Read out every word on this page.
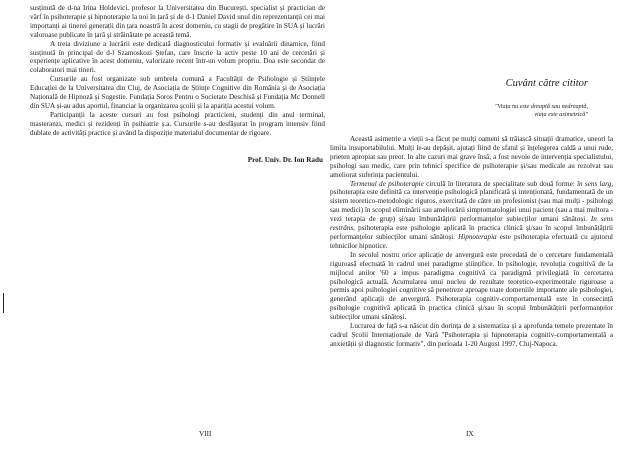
susținută de d-na Irina Holdevici, profesor la Universitatea din București, specialist și practician de vârf în psihoterapie și hipnoterapie la noi în țară și de d-1 Daniel David unul din reprezentanții cei mai importanți ai tinerei generații din țara noastră în acest domeniu, cu stagii de pregătire în SUA și lucrări valoroase publicate în țară și străinătate pe această temă.

A treia diviziune a lucrării este dedicată diagnosticului formativ și evaluării dinamice, fiind susținută în principal de d-l Szamoskozi Ștefan, care înscrie la activ peste 10 ani de cercetări și experiențe aplicative în acest domeniu, valorizate recent într-un volum propriu. Doa este secondat de colaboratori mai tineri.

Cursurile au fost organizate sub umbrela comună a Facultății de Psihologie și Științele Educației de la Universitatea din Cluj, de Asociația de Științe Cognitive din România și de Asociația Națională de Hipnoză și Sugestie. Fundația Soros Pentru o Societate Deschisă și Fundația Mc Donnell din SUA și-au adus aportul, financiar la organizarea școlii și la apariția acestui volum.

Participanții la aceste cursuri au fost psihologi practicieni, studenți din anul terminal, masteranzi, medici și rezidenți în psihiatrie ș.a. Cursurile s-au desfășurat în program intensiv fiind dublate de activități practice și având la dispoziție materialul documentar de rigoare.

Prof. Univ. Dr. Ion Radu
VIII
Cuvânt către cititor

"Viața nu este dreaptă sau nedreaptă,
viața este asimetrică"

Această asimetrie a vieții s-a făcut pe mulți oameni să trăiască situații dramatice, uneori la limita insuportabilului. Mulți le-au depășit, ajutați fiind de sfatul și înțelegerea caldă a unui rude, prieten apropiat sau preot. In alte cazuri mai grave însă, a fost nevoie de intervenția specialistului, psihologi sau medic, care prin tehnici specifice de psihoterapie și/sau medicale au rezolvat sau ameliorat suferința pacientului.

Termenul de psihoterapie circulă în literatura de specialitate sub două forme: în sens larg, psihoterapia este definită ca intervenție psihologică planificată și intenționată, fundamentată de un sistem teoretico-metodologic riguros, exercitată de către un profesionist (sau mai mulți - psihologi sau medici) în scopul eliminării sau ameliorării simptomatologiei unui pacient (sau a mai multora - vezi terapia de grup) și/sau îmbunătățirii performanțelor subiecților umani sănătoși. In sens restrâns, psihoterapia este psihologie aplicată în practica clinică și/sau în scopul îmbunătățirii performanțelor subiecților umani sănătoși. Hipnoterapia este psihoterapia efectuată cu ajutorul tehnicilor hipnotice.

In secolul nostru orice aplicație de anvergură este precedată de o cercetare fundamentală riguroasă efectuată în cadrul unei paradigme științifice. In psihologie, revoluția cognitivă de la mijlocul anilor '60 a impus paradigma cognitivă ca paradigmă privilegiată în cercetarea psihologică actuală. Acumularea unui nucleu de rezultate teoretico-experimentale riguroase a permis apoi psihologiei cognitive să penetreze aproape toate domeniile importante ale psihologiei, generând aplicații de anvergură. Psihoterapia cognitiv-comportamentală este în consecință psihologie cognitivă aplicată în practica clinică și/sau în scopul îmbunătățirii performanțelor subiecților umani sănătoși.

Lucrarea de față s-a născut din dorința de a sistematiza și a aprofunda temele prezentate în cadrul Școlii Internaționale de Vară "Psihoterapia și hipnoterapia cognitiv-comportamentală a anxietății și diagnostic formativ", din perioada 1-20 August 1997, Cluj-Napoca.

IX
